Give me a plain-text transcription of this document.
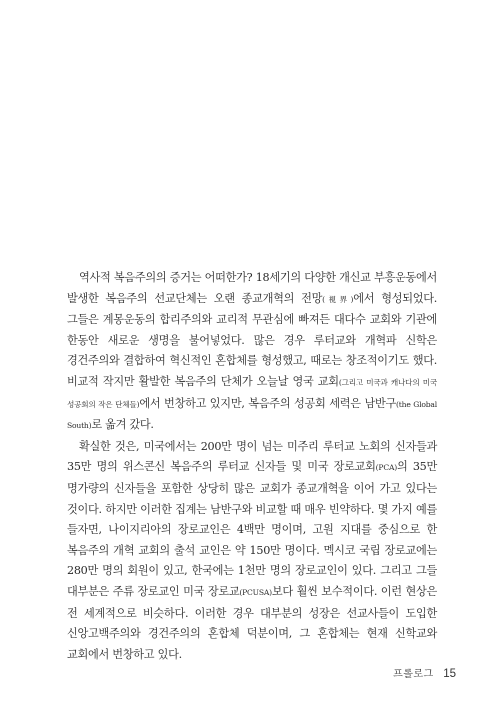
역사적 복음주의의 증거는 어떠한가? 18세기의 다양한 개신교 부흥운동에서 발생한 복음주의 선교단체는 오랜 종교개혁의 전망(視界)에서 형성되었다. 그들은 계몽운동의 합리주의와 교리적 무관심에 빠져든 대다수 교회와 기관에 한동안 새로운 생명을 불어넣었다. 많은 경우 루터교와 개혁파 신학은 경건주의와 결합하여 혁신적인 혼합체를 형성했고, 때로는 창조적이기도 했다. 비교적 작지만 활발한 복음주의 단체가 오늘날 영국 교회(그리고 미국과 캐나다의 미국 성공회의 작은 단체들)에서 번창하고 있지만, 복음주의 성공회 세력은 남반구(the Global South)로 옮겨 갔다.

확실한 것은, 미국에서는 200만 명이 넘는 미주리 루터교 노회의 신자들과 35만 명의 위스콘신 복음주의 루터교 신자들 및 미국 장로교회(PCA)의 35만 명가량의 신자들을 포함한 상당히 많은 교회가 종교개혁을 이어 가고 있다는 것이다. 하지만 이러한 집계는 남반구와 비교할 때 매우 빈약하다. 몇 가지 예를 들자면, 나이지리아의 장로교인은 4백만 명이며, 고원 지대를 중심으로 한 복음주의 개혁 교회의 출석 교인은 약 150만 명이다. 멕시코 국립 장로교에는 280만 명의 회원이 있고, 한국에는 1천만 명의 장로교인이 있다. 그리고 그들 대부분은 주류 장로교인 미국 장로교(PCUSA)보다 훨씬 보수적이다. 이런 현상은 전 세계적으로 비슷하다. 이러한 경우 대부분의 성장은 선교사들이 도입한 신앙고백주의와 경건주의의 혼합체 덕분이며, 그 혼합체는 현재 신학교와 교회에서 번창하고 있다.

프롤로그 15
